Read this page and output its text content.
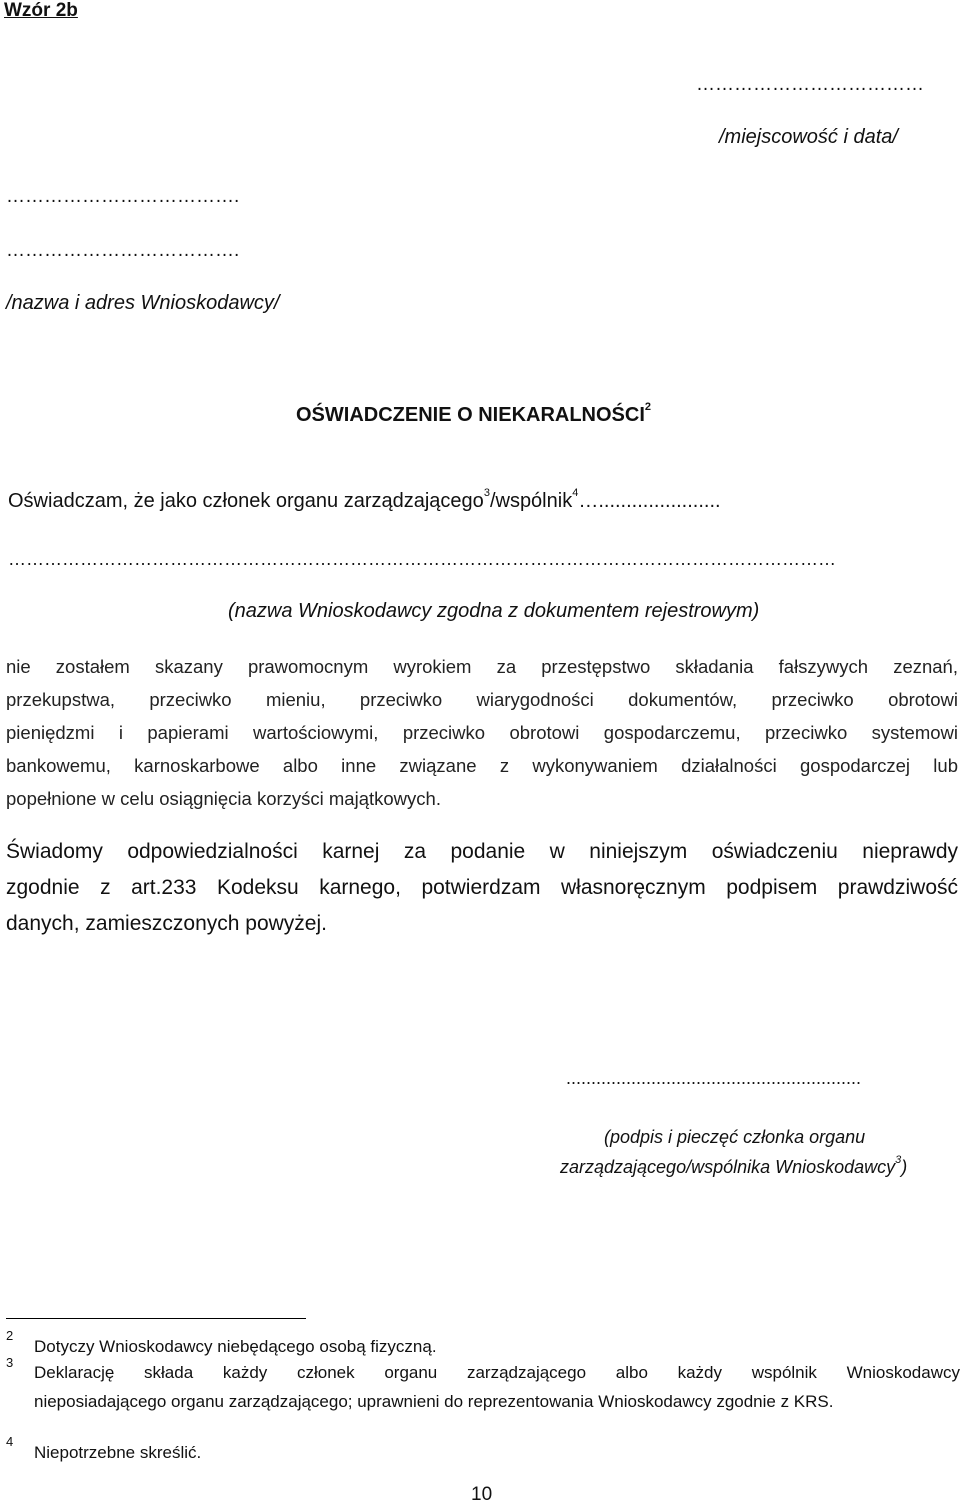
Wzór 2b
………………………………
/miejscowość i data/
……………………………….
……………………………….
/nazwa i adres Wnioskodawcy/
OŚWIADCZENIE O NIEKARALNOŚCI$^2$
Oświadczam, że jako członek organu zarządzającego$^3$/wspólnik$^4$…......................
…………………………………………………………………………………………………………………………
(nazwa Wnioskodawcy zgodna z dokumentem rejestrowym)
nie zostałem skazany prawomocnym wyrokiem za przestępstwo składania fałszywych zeznań,
przekupstwa, przeciwko mieniu, przeciwko wiarygodności dokumentów, przeciwko obrotowi
pieniędzmi i papierami wartościowymi, przeciwko obrotowi gospodarczemu, przeciwko systemowi
bankowemu, karnoskarbowe albo inne związane z wykonywaniem działalności gospodarczej lub
popełnione w celu osiągnięcia korzyści majątkowych.
Świadomy odpowiedzialności karnej za podanie w niniejszym oświadczeniu nieprawdy
zgodnie z art.233 Kodeksu karnego, potwierdzam własnoręcznym podpisem prawdziwość
danych, zamieszczonych powyżej.
...........................................................
(podpis i pieczęć członka organu
zarządzającego/wspólnika Wnioskodawcy$^3$)
2
Dotyczy Wnioskodawcy niebędącego osobą fizyczną.
3
Deklarację składa każdy członek organu zarządzającego albo każdy wspólnik Wnioskodawcy
nieposiadającego organu zarządzającego; uprawnieni do reprezentowania Wnioskodawcy zgodnie z KRS.
4
Niepotrzebne skreślić.
10
